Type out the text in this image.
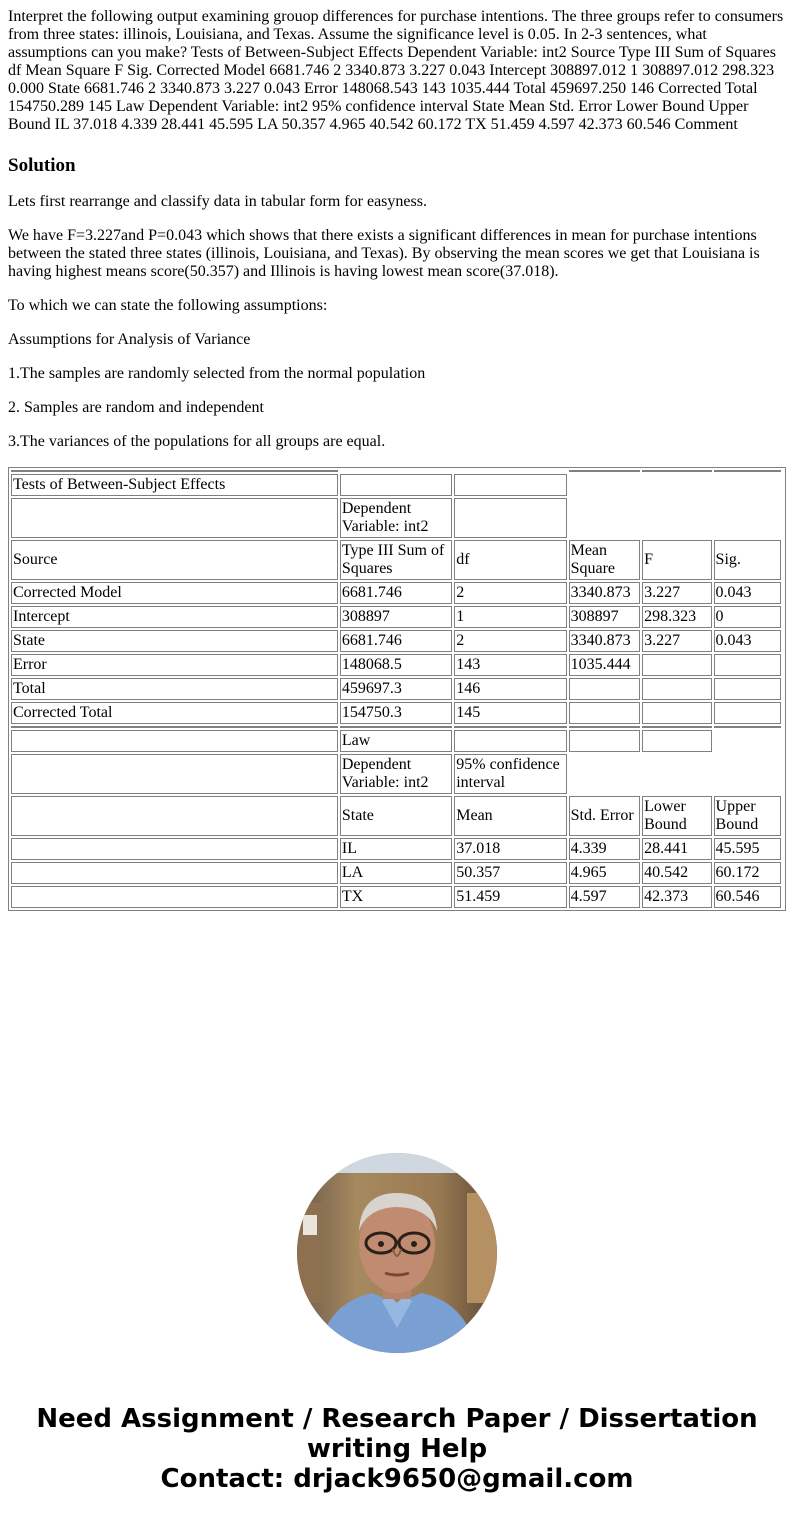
Interpret the following output examining grouop differences for purchase intentions. The three groups refer to consumers from three states: illinois, Louisiana, and Texas. Assume the significance level is 0.05. In 2-3 sentences, what assumptions can you make? Tests of Between-Subject Effects Dependent Variable: int2 Source Type III Sum of Squares df Mean Square F Sig. Corrected Model 6681.746 2 3340.873 3.227 0.043 Intercept 308897.012 1 308897.012 298.323 0.000 State 6681.746 2 3340.873 3.227 0.043 Error 148068.543 143 1035.444 Total 459697.250 146 Corrected Total 154750.289 145 Law Dependent Variable: int2 95% confidence interval State Mean Std. Error Lower Bound Upper Bound IL 37.018 4.339 28.441 45.595 LA 50.357 4.965 40.542 60.172 TX 51.459 4.597 42.373 60.546 Comment

Solution

Lets first rearrange and classify data in tabular form for easyness.

We have F=3.227and P=0.043 which shows that there exists a significant differences in mean for purchase intentions between the stated three states (illinois, Louisiana, and Texas). By observing the mean scores we get that Louisiana is having highest means score(50.357) and Illinois is having lowest mean score(37.018).

To which we can state the following assumptions:

Assumptions for Analysis of Variance

1.The samples are randomly selected from the normal population

2. Samples are random and independent

3.The variances of the populations for all groups are equal.

Tests of Between-Subject Effects						
	Dependent Variable: int2					
Source	Type III Sum of Squares	df	Mean Square	F	Sig.	
Corrected Model	6681.746	2	3340.873	3.227	0.043	
Intercept	308897	1	308897	298.323	0	
State	6681.746	2	3340.873	3.227	0.043	
Error	148068.5	143	1035.444			
Total	459697.3	146				
Corrected Total	154750.3	145				

	Law					
	Dependent Variable: int2	95% confidence interval				
	State	Mean	Std. Error	Lower Bound	Upper Bound	
	IL	37.018	4.339	28.441	45.595	
	LA	50.357	4.965	40.542	60.172	
	TX	51.459	4.597	42.373	60.546	
Need Assignment / Research Paper / Dissertation writing Help
Contact: drjack9650@gmail.com
